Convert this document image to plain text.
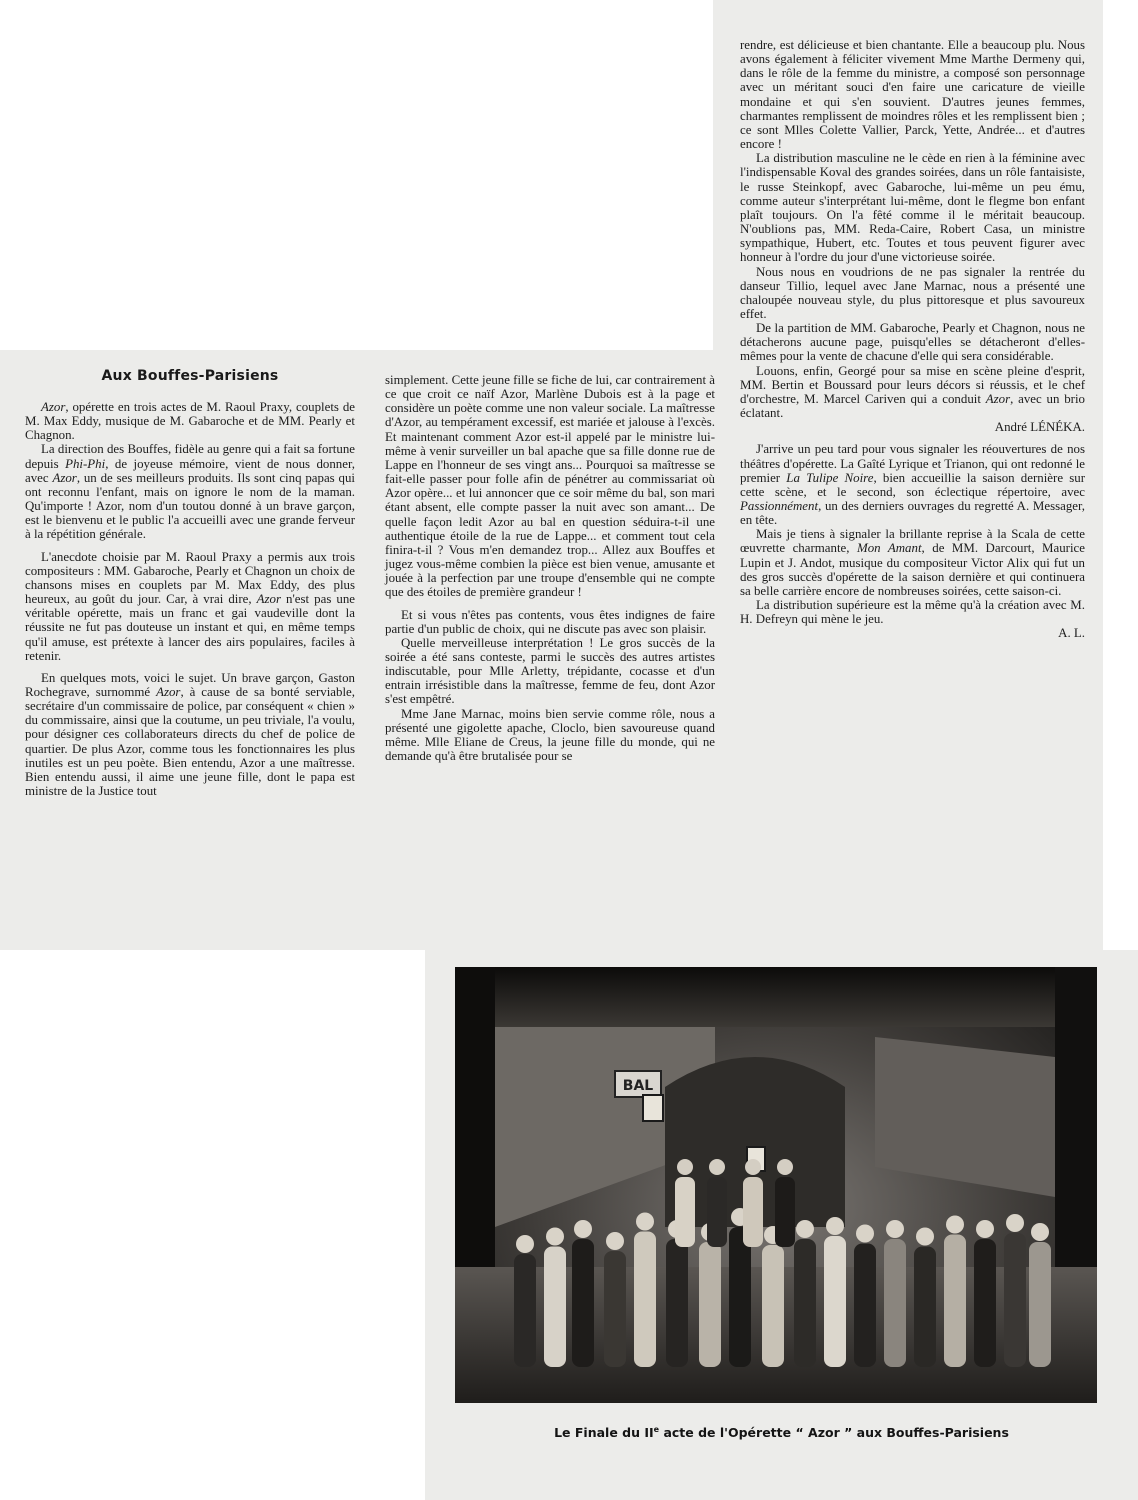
Aux Bouffes-Parisiens

Azor, opérette en trois actes de M. Raoul Praxy, couplets de M. Max Eddy, musique de M. Gabaroche et de MM. Pearly et Chagnon.

La direction des Bouffes, fidèle au genre qui a fait sa fortune depuis Phi-Phi, de joyeuse mémoire, vient de nous donner, avec Azor, un de ses meilleurs produits. Ils sont cinq papas qui ont reconnu l'enfant, mais on ignore le nom de la maman. Qu'importe ! Azor, nom d'un toutou donné à un brave garçon, est le bienvenu et le public l'a accueilli avec une grande ferveur à la répétition générale.

L'anecdote choisie par M. Raoul Praxy a permis aux trois compositeurs : MM. Gabaroche, Pearly et Chagnon un choix de chansons mises en couplets par M. Max Eddy, des plus heureux, au goût du jour. Car, à vrai dire, Azor n'est pas une véritable opérette, mais un franc et gai vaudeville dont la réussite ne fut pas douteuse un instant et qui, en même temps qu'il amuse, est prétexte à lancer des airs populaires, faciles à retenir.

En quelques mots, voici le sujet. Un brave garçon, Gaston Rochegrave, surnommé Azor, à cause de sa bonté serviable, secrétaire d'un commissaire de police, par conséquent « chien » du commissaire, ainsi que la coutume, un peu triviale, l'a voulu, pour désigner ces collaborateurs directs du chef de police de quartier. De plus Azor, comme tous les fonctionnaires les plus inutiles est un peu poète. Bien entendu, Azor a une maîtresse. Bien entendu aussi, il aime une jeune fille, dont le papa est ministre de la Justice tout

simplement. Cette jeune fille se fiche de lui, car contrairement à ce que croit ce naïf Azor, Marlène Dubois est à la page et considère un poète comme une non valeur sociale. La maîtresse d'Azor, au tempérament excessif, est mariée et jalouse à l'excès. Et maintenant comment Azor est-il appelé par le ministre lui-même à venir surveiller un bal apache que sa fille donne rue de Lappe en l'honneur de ses vingt ans... Pourquoi sa maîtresse se fait-elle passer pour folle afin de pénétrer au commissariat où Azor opère... et lui annoncer que ce soir même du bal, son mari étant absent, elle compte passer la nuit avec son amant... De quelle façon ledit Azor au bal en question séduira-t-il une authentique étoile de la rue de Lappe... et comment tout cela finira-t-il ? Vous m'en demandez trop... Allez aux Bouffes et jugez vous-même combien la pièce est bien venue, amusante et jouée à la perfection par une troupe d'ensemble qui ne compte que des étoiles de première grandeur !

Et si vous n'êtes pas contents, vous êtes indignes de faire partie d'un public de choix, qui ne discute pas avec son plaisir.

Quelle merveilleuse interprétation ! Le gros succès de la soirée a été sans conteste, parmi le succès des autres artistes indiscutable, pour Mlle Arletty, trépidante, cocasse et d'un entrain irrésistible dans la maîtresse, femme de feu, dont Azor s'est empêtré.

Mme Jane Marnac, moins bien servie comme rôle, nous a présenté une gigolette apache, Cloclo, bien savoureuse quand même. Mlle Eliane de Creus, la jeune fille du monde, qui ne demande qu'à être brutalisée pour se

rendre, est délicieuse et bien chantante. Elle a beaucoup plu. Nous avons également à féliciter vivement Mme Marthe Dermeny qui, dans le rôle de la femme du ministre, a composé son personnage avec un méritant souci d'en faire une caricature de vieille mondaine et qui s'en souvient. D'autres jeunes femmes, charmantes remplissent de moindres rôles et les remplissent bien ; ce sont Mlles Colette Vallier, Parck, Yette, Andrée... et d'autres encore !

La distribution masculine ne le cède en rien à la féminine avec l'indispensable Koval des grandes soirées, dans un rôle fantaisiste, le russe Steinkopf, avec Gabaroche, lui-même un peu ému, comme auteur s'interprétant lui-même, dont le flegme bon enfant plaît toujours. On l'a fêté comme il le méritait beaucoup. N'oublions pas, MM. Reda-Caire, Robert Casa, un ministre sympathique, Hubert, etc. Toutes et tous peuvent figurer avec honneur à l'ordre du jour d'une victorieuse soirée.

Nous nous en voudrions de ne pas signaler la rentrée du danseur Tillio, lequel avec Jane Marnac, nous a présenté une chaloupée nouveau style, du plus pittoresque et plus savoureux effet.

De la partition de MM. Gabaroche, Pearly et Chagnon, nous ne détacherons aucune page, puisqu'elles se détacheront d'elles-mêmes pour la vente de chacune d'elle qui sera considérable.

Louons, enfin, Georgé pour sa mise en scène pleine d'esprit, MM. Bertin et Boussard pour leurs décors si réussis, et le chef d'orchestre, M. Marcel Cariven qui a conduit Azor, avec un brio éclatant.

André LÉNÉKA.

J'arrive un peu tard pour vous signaler les réouvertures de nos théâtres d'opérette. La Gaîté Lyrique et Trianon, qui ont redonné le premier La Tulipe Noire, bien accueillie la saison dernière sur cette scène, et le second, son éclectique répertoire, avec Passionnément, un des derniers ouvrages du regretté A. Messager, en tête.

Mais je tiens à signaler la brillante reprise à la Scala de cette œuvrette charmante, Mon Amant, de MM. Darcourt, Maurice Lupin et J. Andot, musique du compositeur Victor Alix qui fut un des gros succès d'opérette de la saison dernière et qui continuera sa belle carrière encore de nombreuses soirées, cette saison-ci.

La distribution supérieure est la même qu'à la création avec M. H. Defreyn qui mène le jeu.

A. L.

BAL
Le Finale du IIe acte de l'Opérette “ Azor ” aux Bouffes-Parisiens
